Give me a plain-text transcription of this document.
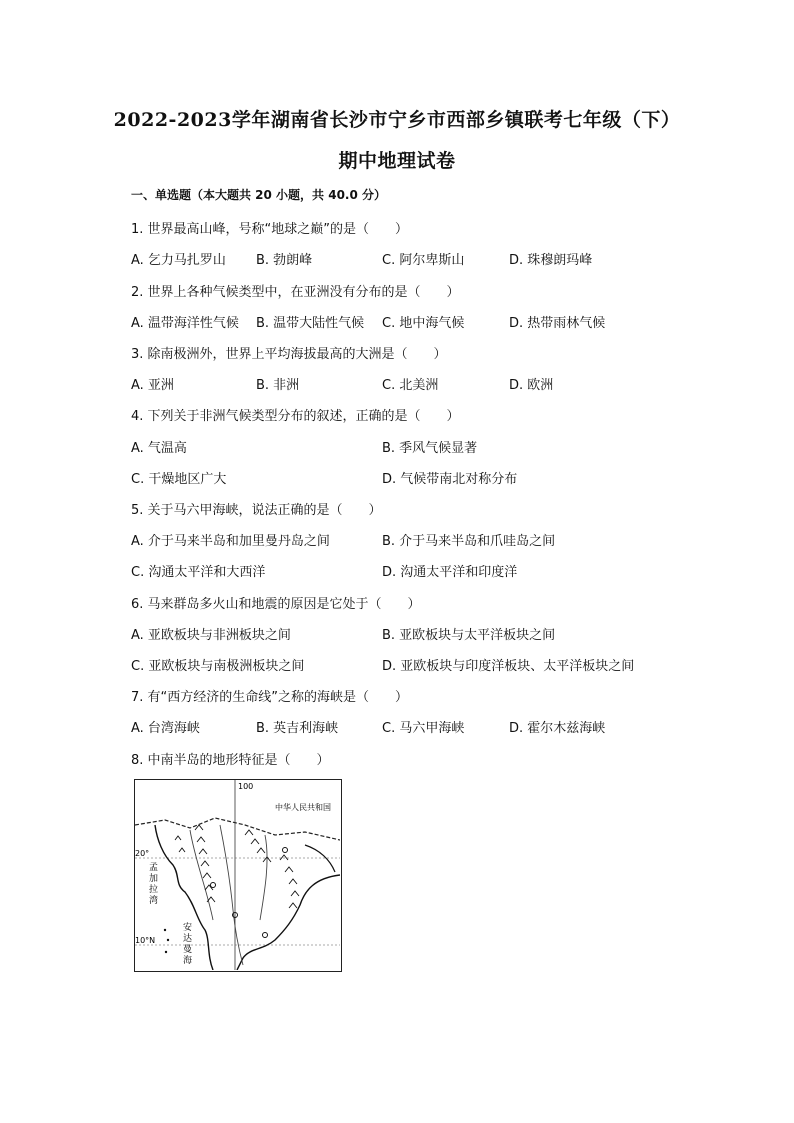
2022-2023学年湖南省长沙市宁乡市西部乡镇联考七年级（下）
期中地理试卷
一、单选题（本大题共 20 小题，共 40.0 分）
1. 世界最高山峰，号称“地球之巅”的是（　　）
A. 乞力马扎罗山 B. 勃朗峰	C. 阿尔卑斯山	D. 珠穆朗玛峰
2. 世界上各种气候类型中，在亚洲没有分布的是（　　）
A. 温带海洋性气候 B. 温带大陆性气候 C. 地中海气候	D. 热带雨林气候
3. 除南极洲外，世界上平均海拔最高的大洲是（　　）
A. 亚洲	B. 非洲	C. 北美洲	D. 欧洲
4. 下列关于非洲气候类型分布的叙述，正确的是（　　）
A. 气温高	B. 季风气候显著
C. 干燥地区广大	D. 气候带南北对称分布
5. 关于马六甲海峡，说法正确的是（　　）
A. 介于马来半岛和加里曼丹岛之间	B. 介于马来半岛和爪哇岛之间
C. 沟通太平洋和大西洋	D. 沟通太平洋和印度洋
6. 马来群岛多火山和地震的原因是它处于（　　）
A. 亚欧板块与非洲板块之间	B. 亚欧板块与太平洋板块之间
C. 亚欧板块与南极洲板块之间	D. 亚欧板块与印度洋板块、太平洋板块之间
7. 有“西方经济的生命线”之称的海峡是（　　）
A. 台湾海峡	B. 英吉利海峡	C. 马六甲海峡	D. 霍尔木兹海峡
8. 中南半岛的地形特征是（　　）
100
中华人民共和国
20°
10°N
孟加拉湾
安达曼海
